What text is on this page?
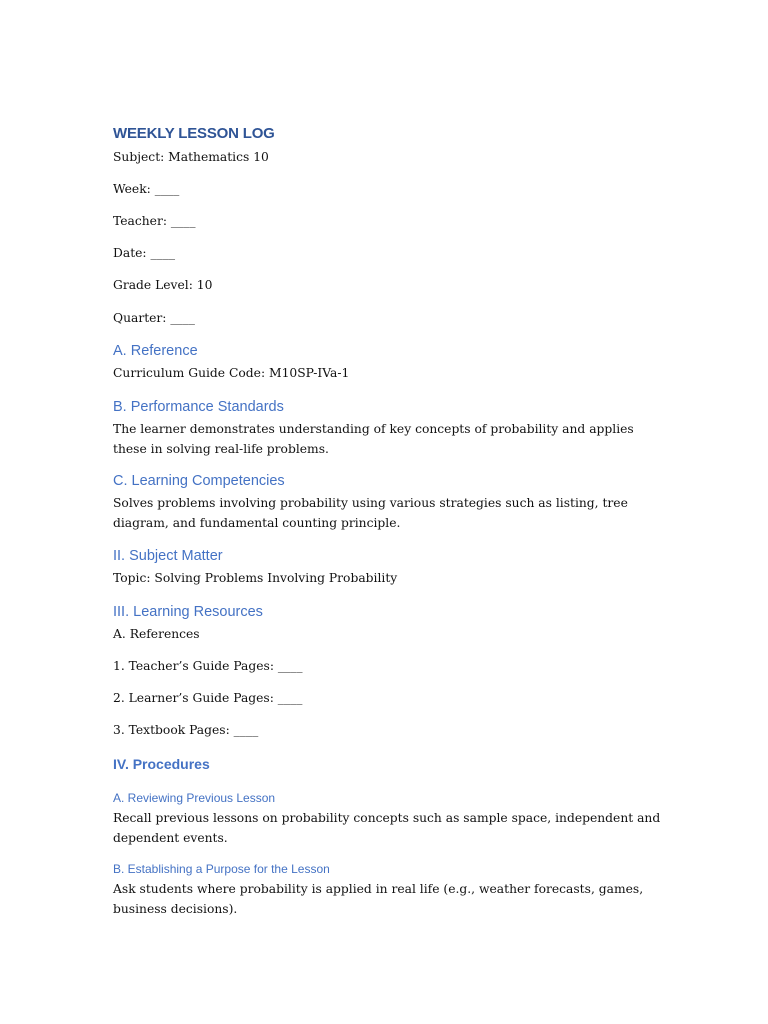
WEEKLY LESSON LOG

Subject: Mathematics 10

Week: ____

Teacher: ____

Date: ____

Grade Level: 10

Quarter: ____

A. Reference

Curriculum Guide Code: M10SP-IVa-1

B. Performance Standards

The learner demonstrates understanding of key concepts of probability and applies these in solving real-life problems.

C. Learning Competencies

Solves problems involving probability using various strategies such as listing, tree diagram, and fundamental counting principle.

II. Subject Matter

Topic: Solving Problems Involving Probability

III. Learning Resources

A. References

1. Teacher’s Guide Pages: ____

2. Learner’s Guide Pages: ____

3. Textbook Pages: ____

IV. Procedures
A. Reviewing Previous Lesson

Recall previous lessons on probability concepts such as sample space, independent and dependent events.

B. Establishing a Purpose for the Lesson

Ask students where probability is applied in real life (e.g., weather forecasts, games, business decisions).
